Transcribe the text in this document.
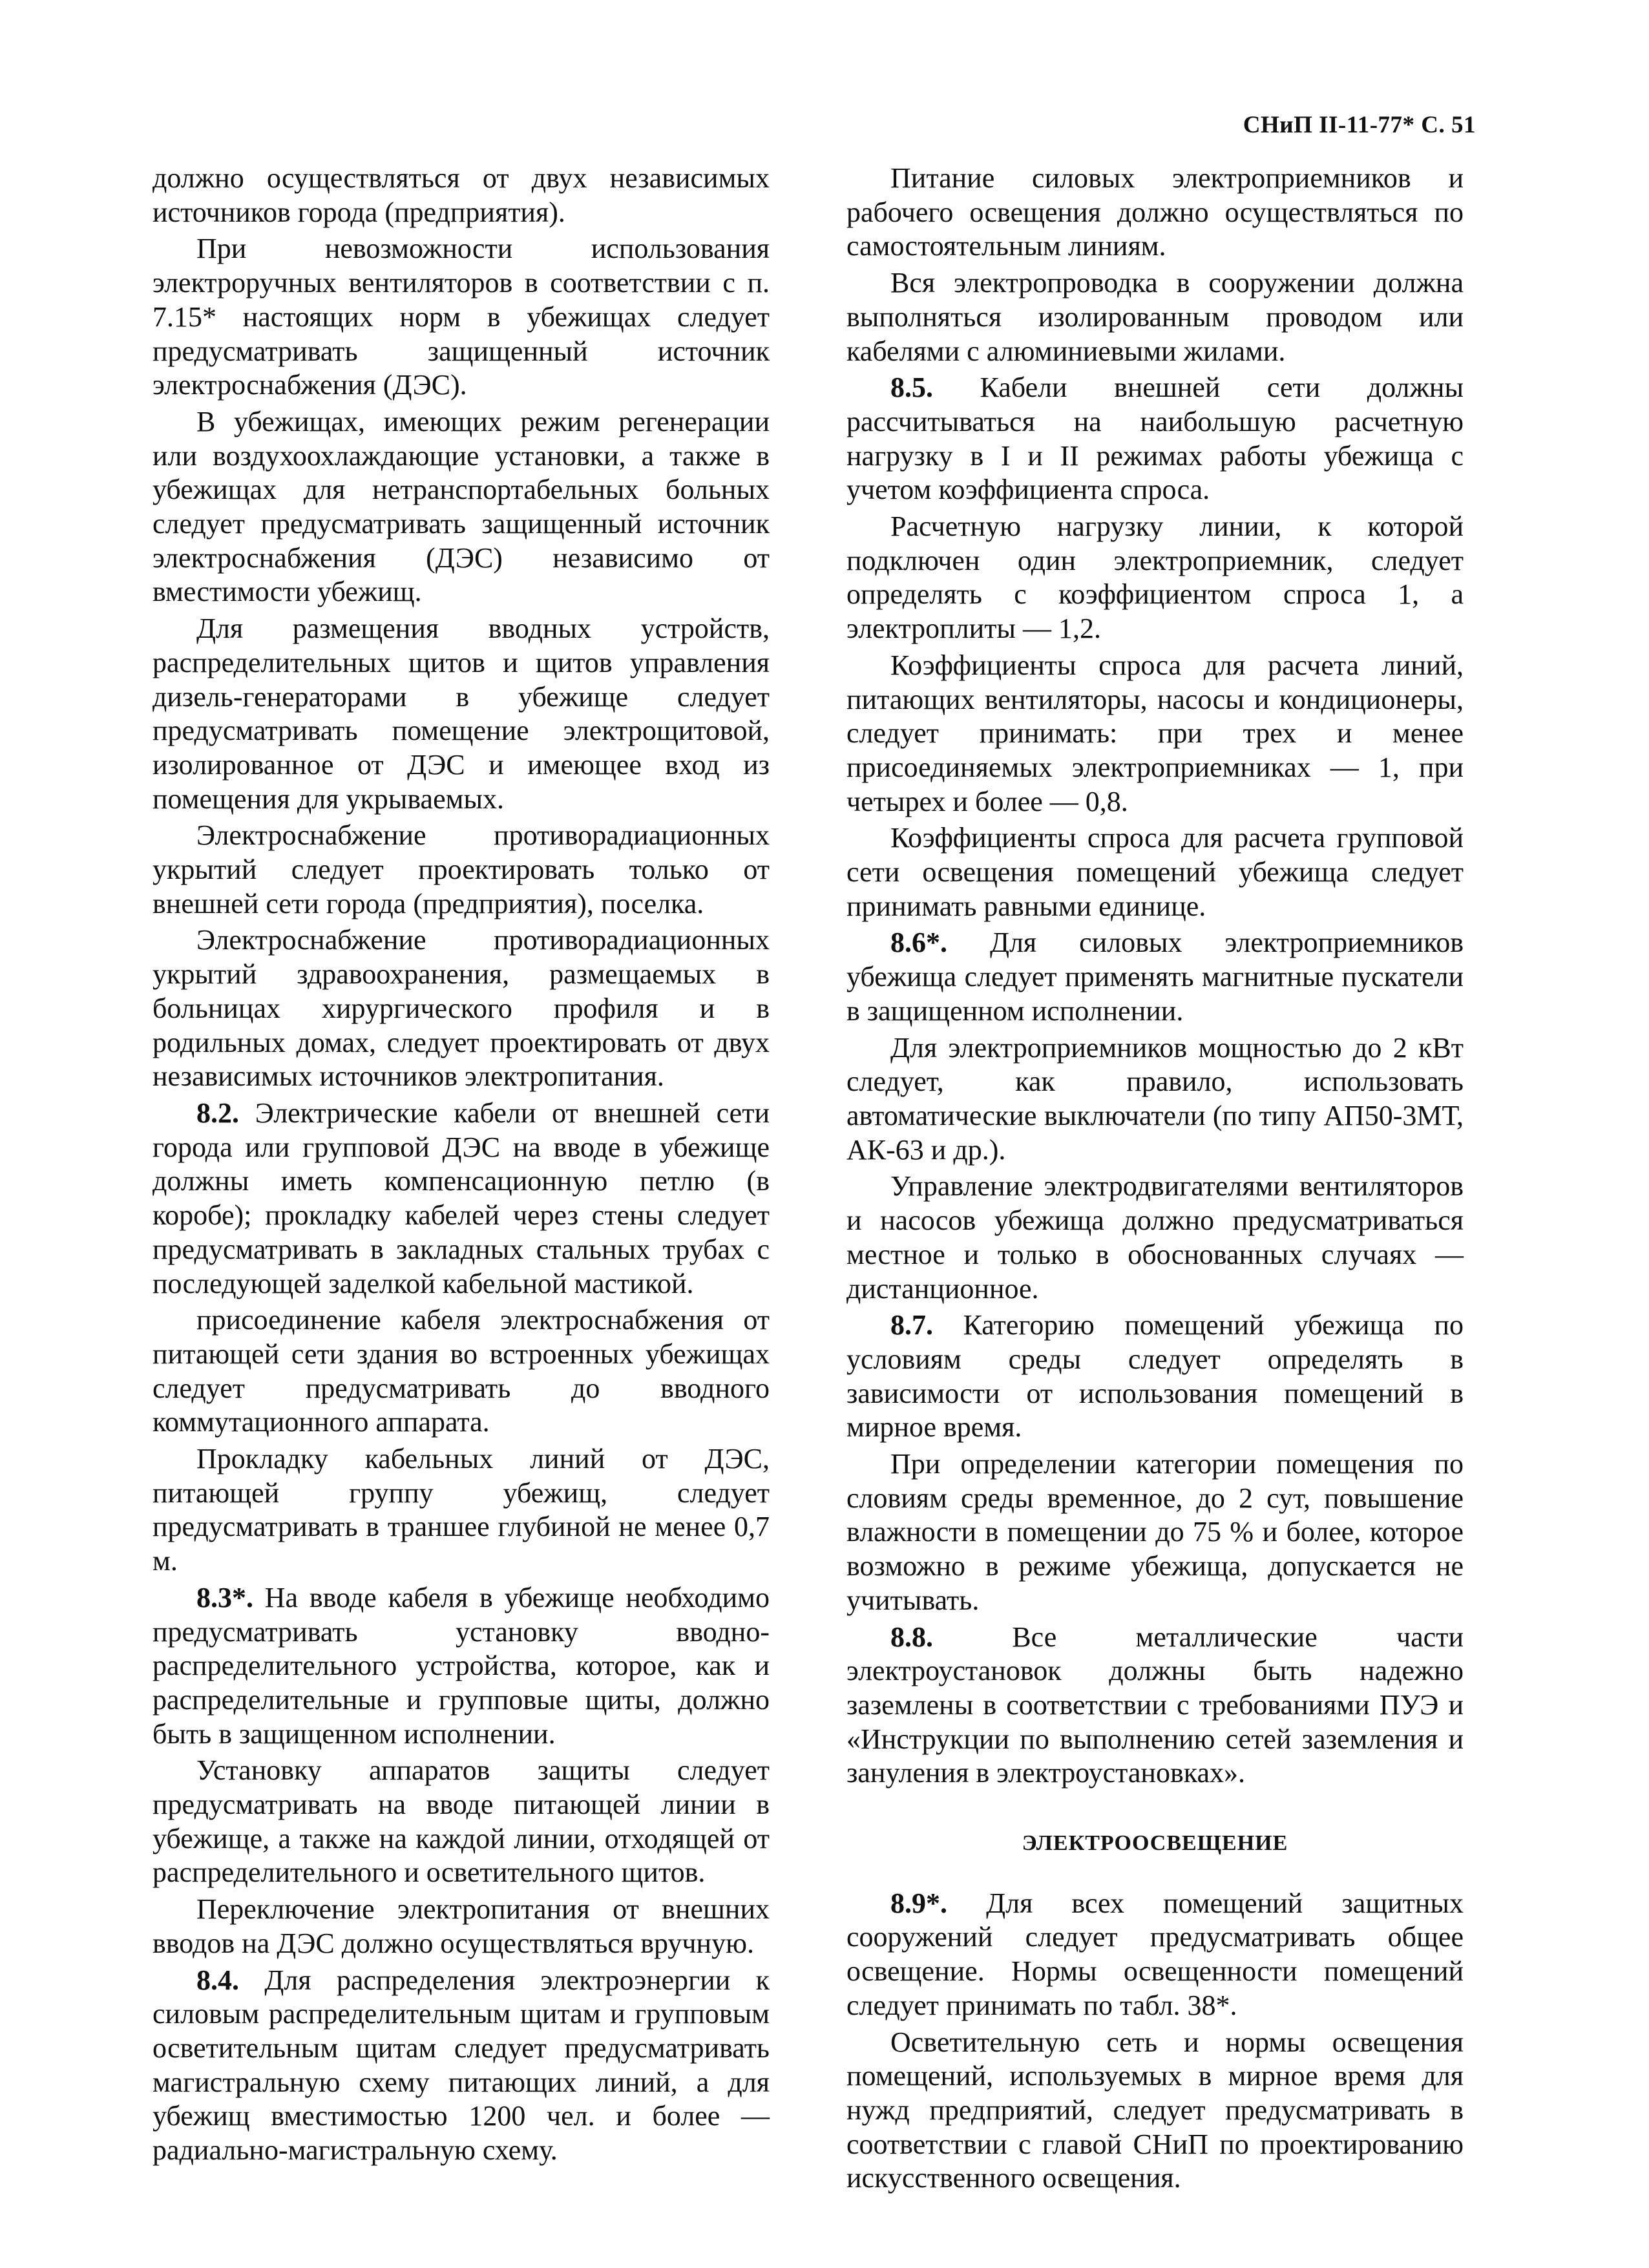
СНиП II-11-77* С. 51

должно осуществляться от двух независимых источников города (предприятия).

При невозможности использования электроручных вентиляторов в соответствии с п. 7.15* настоящих норм в убежищах следует предусматривать защищенный источник электроснабжения (ДЭС).

В убежищах, имеющих режим регенерации или воздухоохлаждающие установки, а также в убежищах для нетранспортабельных больных следует предусматривать защищенный источник электроснабжения (ДЭС) независимо от вместимости убежищ.

Для размещения вводных устройств, распределительных щитов и щитов управления дизель-генераторами в убежище следует предусматривать помещение электрощитовой, изолированное от ДЭС и имеющее вход из помещения для укрываемых.

Электроснабжение противорадиационных укрытий следует проектировать только от внешней сети города (предприятия), поселка.

Электроснабжение противорадиационных укрытий здравоохранения, размещаемых в больницах хирургического профиля и в родильных домах, следует проектировать от двух независимых источников электропитания.

8.2. Электрические кабели от внешней сети города или групповой ДЭС на вводе в убежище должны иметь компенсационную петлю (в коробе); прокладку кабелей через стены следует предусматривать в закладных стальных трубах с последующей заделкой кабельной мастикой.

присоединение кабеля электроснабжения от питающей сети здания во встроенных убежищах следует предусматривать до вводного коммутационного аппарата.

Прокладку кабельных линий от ДЭС, питающей группу убежищ, следует предусматривать в траншее глубиной не менее 0,7 м.

8.3*. На вводе кабеля в убежище необходимо предусматривать установку вводно-распределительного устройства, которое, как и распределительные и групповые щиты, должно быть в защищенном исполнении.

Установку аппаратов защиты следует предусматривать на вводе питающей линии в убежище, а также на каждой линии, отходящей от распределительного и осветительного щитов.

Переключение электропитания от внешних вводов на ДЭС должно осуществляться вручную.

8.4. Для распределения электроэнергии к силовым распределительным щитам и групповым осветительным щитам следует предусматривать магистральную схему питающих линий, а для убежищ вместимостью 1200 чел. и более — радиально-магистральную схему.

Питание силовых электроприемников и рабочего освещения должно осуществляться по самостоятельным линиям.

Вся электропроводка в сооружении должна выполняться изолированным проводом или кабелями с алюминиевыми жилами.

8.5. Кабели внешней сети должны рассчитываться на наибольшую расчетную нагрузку в I и II режимах работы убежища с учетом коэффициента спроса.

Расчетную нагрузку линии, к которой подключен один электроприемник, следует определять с коэффициентом спроса 1, а электроплиты — 1,2.

Коэффициенты спроса для расчета линий, питающих вентиляторы, насосы и кондиционеры, следует принимать: при трех и менее присоединяемых электроприемниках — 1, при четырех и более — 0,8.

Коэффициенты спроса для расчета групповой сети освещения помещений убежища следует принимать равными единице.

8.6*. Для силовых электроприемников убежища следует применять магнитные пускатели в защищенном исполнении.

Для электроприемников мощностью до 2 кВт следует, как правило, использовать автоматические выключатели (по типу АП50-3МТ, АК-63 и др.).

Управление электродвигателями вентиляторов и насосов убежища должно предусматриваться местное и только в обоснованных случаях — дистанционное.

8.7. Категорию помещений убежища по условиям среды следует определять в зависимости от использования помещений в мирное время.

При определении категории помещения по словиям среды временное, до 2 сут, повышение влажности в помещении до 75 % и более, которое возможно в режиме убежища, допускается не учитывать.

8.8.	Все металлические части электроустановок должны быть надежно заземлены в соответствии с требованиями ПУЭ и «Инструкции по выполнению сетей заземления и зануления в электроустановках».

ЭЛЕКТРООСВЕЩЕНИЕ

8.9*. Для всех помещений защитных сооружений следует предусматривать общее освещение. Нормы освещенности помещений следует принимать по табл. 38*.

Осветительную сеть и нормы освещения помещений, используемых в мирное время для нужд предприятий, следует предусматривать в соответствии с главой СНиП по проектированию искусственного освещения.
